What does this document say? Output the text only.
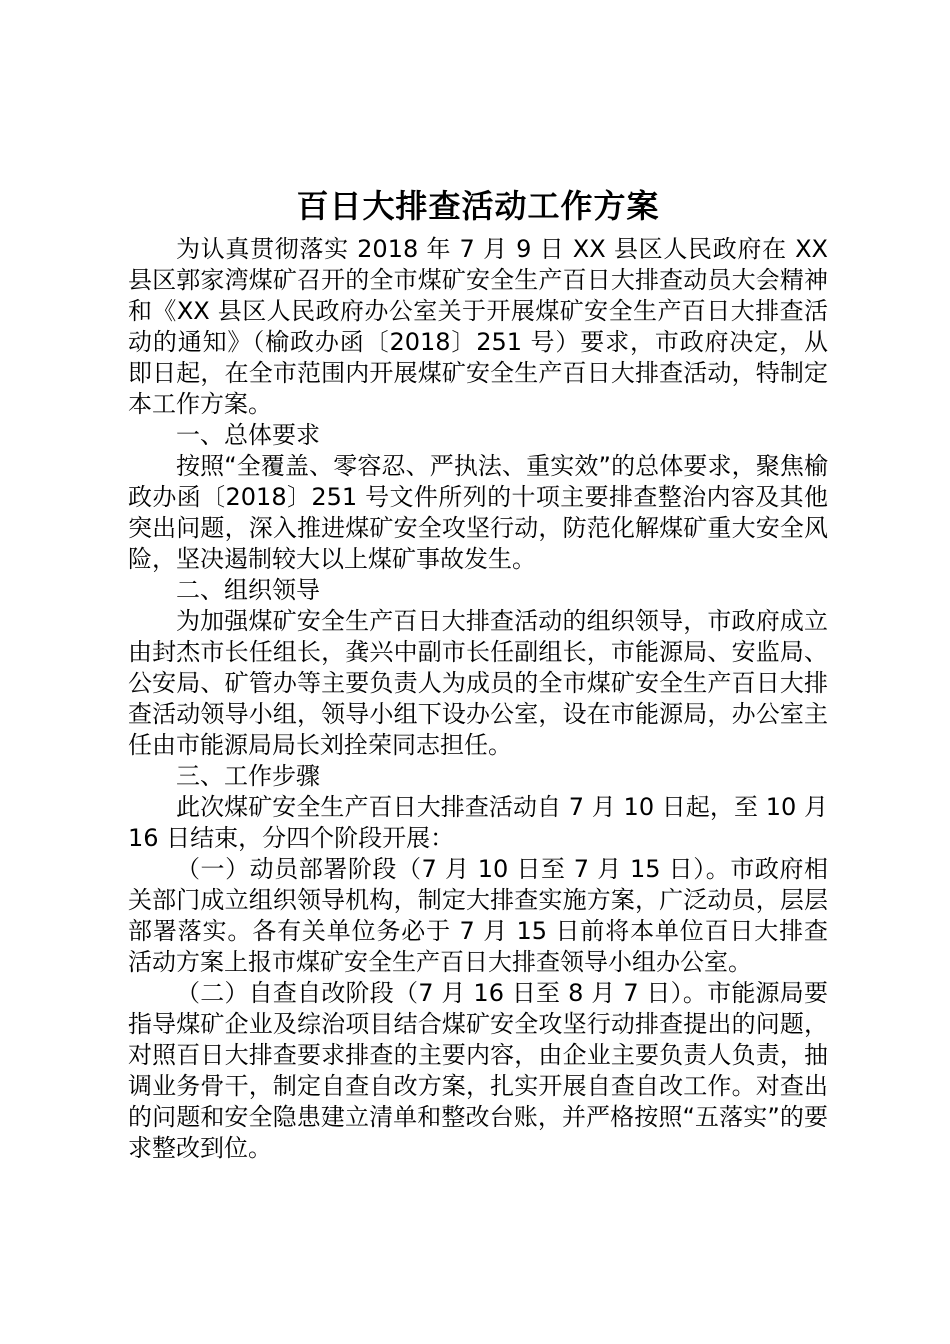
百日大排查活动工作方案

为认真贯彻落实 2018 年 7 月 9 日 XX 县区人民政府在 XX 县区郭家湾煤矿召开的全市煤矿安全生产百日大排查动员大会精神和《XX 县区人民政府办公室关于开展煤矿安全生产百日大排查活动的通知》（榆政办函〔2018〕251 号）要求，市政府决定，从即日起，在全市范围内开展煤矿安全生产百日大排查活动，特制定本工作方案。

一、总体要求

按照“全覆盖、零容忍、严执法、重实效”的总体要求，聚焦榆政办函〔2018〕251 号文件所列的十项主要排查整治内容及其他突出问题，深入推进煤矿安全攻坚行动，防范化解煤矿重大安全风险，坚决遏制较大以上煤矿事故发生。

二、组织领导

为加强煤矿安全生产百日大排查活动的组织领导，市政府成立由封杰市长任组长，龚兴中副市长任副组长，市能源局、安监局、公安局、矿管办等主要负责人为成员的全市煤矿安全生产百日大排查活动领导小组，领导小组下设办公室，设在市能源局，办公室主任由市能源局局长刘拴荣同志担任。

三、工作步骤

此次煤矿安全生产百日大排查活动自 7 月 10 日起，至 10 月 16 日结束，分四个阶段开展：

（一）动员部署阶段（7 月 10 日至 7 月 15 日）。市政府相关部门成立组织领导机构，制定大排查实施方案，广泛动员，层层部署落实。各有关单位务必于 7 月 15 日前将本单位百日大排查活动方案上报市煤矿安全生产百日大排查领导小组办公室。

（二）自查自改阶段（7 月 16 日至 8 月 7 日）。市能源局要指导煤矿企业及综治项目结合煤矿安全攻坚行动排查提出的问题，对照百日大排查要求排查的主要内容，由企业主要负责人负责，抽调业务骨干，制定自查自改方案，扎实开展自查自改工作。对查出的问题和安全隐患建立清单和整改台账，并严格按照“五落实”的要求整改到位。
